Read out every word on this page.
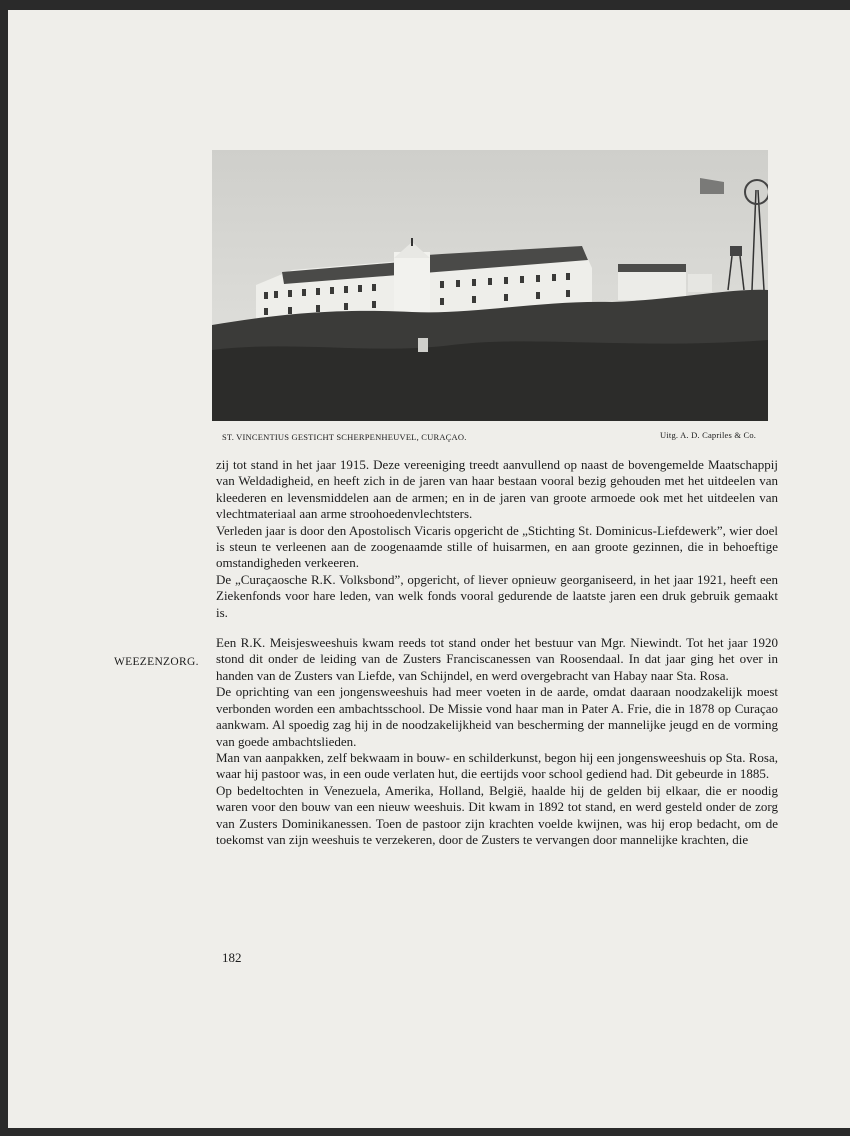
ST. VINCENTIUS GESTICHT SCHERPENHEUVEL, CURAÇAO.	Uitg. A. D. Capriles & Co.
WEEZENZORG.

zij tot stand in het jaar 1915. Deze vereeniging treedt aanvullend op naast de bovengemelde Maatschappij van Weldadigheid, en heeft zich in de jaren van haar bestaan vooral bezig gehouden met het uitdeelen van kleederen en levensmiddelen aan de armen; en in de jaren van groote armoede ook met het uitdeelen van vlechtmateriaal aan arme stroohoedenvlechtsters.

Verleden jaar is door den Apostolisch Vicaris opgericht de „Stichting St. Dominicus-Liefdewerk”, wier doel is steun te verleenen aan de zoogenaamde stille of huisarmen, en aan groote gezinnen, die in behoeftige omstandigheden verkeeren.

De „Curaçaosche R.K. Volksbond”, opgericht, of liever opnieuw georganiseerd, in het jaar 1921, heeft een Ziekenfonds voor hare leden, van welk fonds vooral gedurende de laatste jaren een druk gebruik gemaakt is.

Een R.K. Meisjesweeshuis kwam reeds tot stand onder het bestuur van Mgr. Niewindt. Tot het jaar 1920 stond dit onder de leiding van de Zusters Franciscanessen van Roosendaal. In dat jaar ging het over in handen van de Zusters van Liefde, van Schijndel, en werd overgebracht van Habay naar Sta. Rosa.

De oprichting van een jongensweeshuis had meer voeten in de aarde, omdat daaraan noodzakelijk moest verbonden worden een ambachtsschool. De Missie vond haar man in Pater A. Frie, die in 1878 op Curaçao aankwam. Al spoedig zag hij in de noodzakelijkheid van bescherming der mannelijke jeugd en de vorming van goede ambachtslieden.

Man van aanpakken, zelf bekwaam in bouw- en schilderkunst, begon hij een jongensweeshuis op Sta. Rosa, waar hij pastoor was, in een oude verlaten hut, die eertijds voor school gediend had. Dit gebeurde in 1885.

Op bedeltochten in Venezuela, Amerika, Holland, België, haalde hij de gelden bij elkaar, die er noodig waren voor den bouw van een nieuw weeshuis. Dit kwam in 1892 tot stand, en werd gesteld onder de zorg van Zusters Dominikanessen. Toen de pastoor zijn krachten voelde kwijnen, was hij erop bedacht, om de toekomst van zijn weeshuis te verzekeren, door de Zusters te vervangen door mannelijke krachten, die

182
